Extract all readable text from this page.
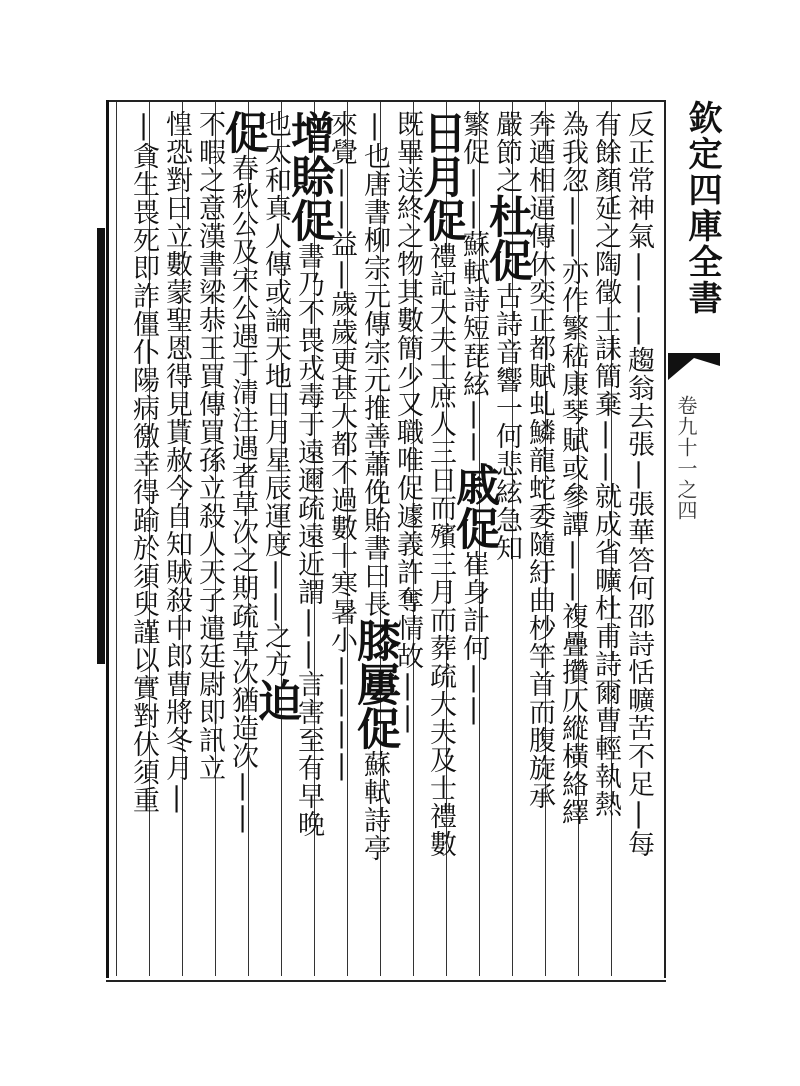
欽定四庫全書
卷九十一之四
反正常神氣|||趨翁去張|張華答何邵詩恬曠苦不足|每
有餘顏延之陶徵士誄簡棄||就成省曠杜甫詩爾曹輕執熱
為我忽||亦作繁嵇康琴賦或參譚||複疊攢仄縱橫絡繹
奔逎相逼傳休奕正都賦虬鱗龍蛇委隨紆曲杪竿首而腹旋承
嚴節之杜促古詩音響一何悲絃急知
繁促||蘇軾詩短琵絃||戚促崔身計何||
日月促禮記大夫士庶人三日而殯三月而葬疏大夫及士禮數
既畢送終之物其數簡少又職唯促遽義許奪情故||
|也唐書柳宗元傳宗元推善蕭俛貽書曰長膝屢促蘇軾詩亭
來覺||益|歲歲更甚大都不過數十寒暑小||||
增賒促書乃不畏戎毒于遠邇疏遠近謂||言害至有早晚
也太和真人傳或論天地日月星辰運度||之方迫
促春秋公及宋公遇于清注遇者草次之期疏草次猶造次||
不暇之意漢書梁恭王買傳買孫立殺人天子遣廷尉即訊立
惶恐對曰立數蒙聖恩得見貰赦今自知賊殺中郎曹將冬月|
|貪生畏死即詐僵仆陽病徼幸得踰於須臾謹以實對伏須重
